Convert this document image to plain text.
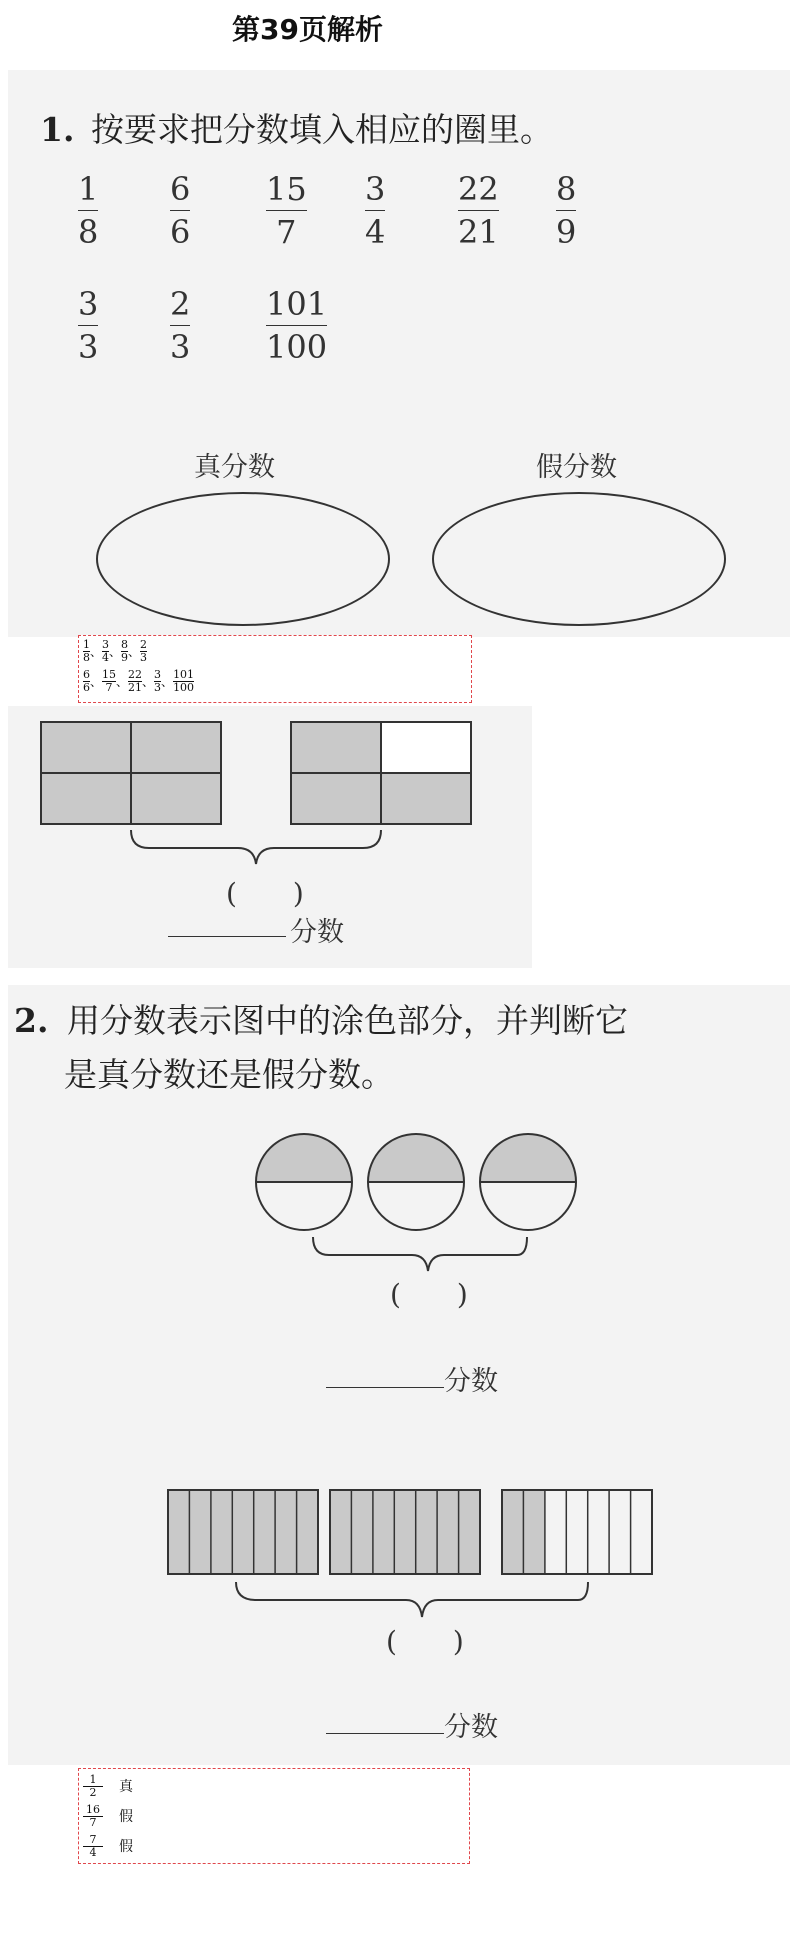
第39页解析
1. 按要求把分数填入相应的圈里。
1
8
6
6
15
7
3
4
22
21
8
9
3
3
2
3
101
100
真分数	假分数
$\frac{1}{8}$ 、 $\frac{3}{4}$ 、 $\frac{8}{9}$ 、 $\frac{2}{3}$
$\frac{6}{6}$ 、 $\frac{15}{7}$ 、 $\frac{22}{21}$ 、 $\frac{3}{3}$ 、 $\frac{101}{100}$
(　　)
分数
2. 用分数表示图中的涂色部分，并判断它
是真分数还是假分数。
(　　)
分数
(　　)
分数
1
2 真
16
7 假
7
4 假
